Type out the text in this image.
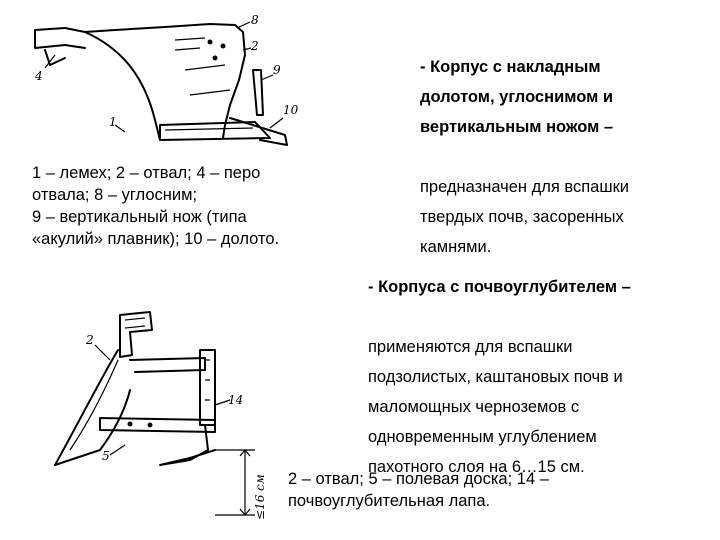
8
2
4	9
10
1
1 – лемех; 2 – отвал; 4 – перо
отвала; 8 – углосним;
9 – вертикальный нож (типа
«акулий» плавник); 10 – долото.
2
14
5
≤16 см

- Корпус с накладным
долотом, углоснимом и
вертикальным ножом –

предназначен для вспашки
твердых почв, засоренных
камнями.

- Корпуса с почвоуглубителем –

применяются для вспашки
подзолистых, каштановых почв и
маломощных черноземов с
одновременным углублением
пахотного слоя на 6…15 см.

2 – отвал; 5 – полевая доска; 14 –
почвоуглубительная лапа.
